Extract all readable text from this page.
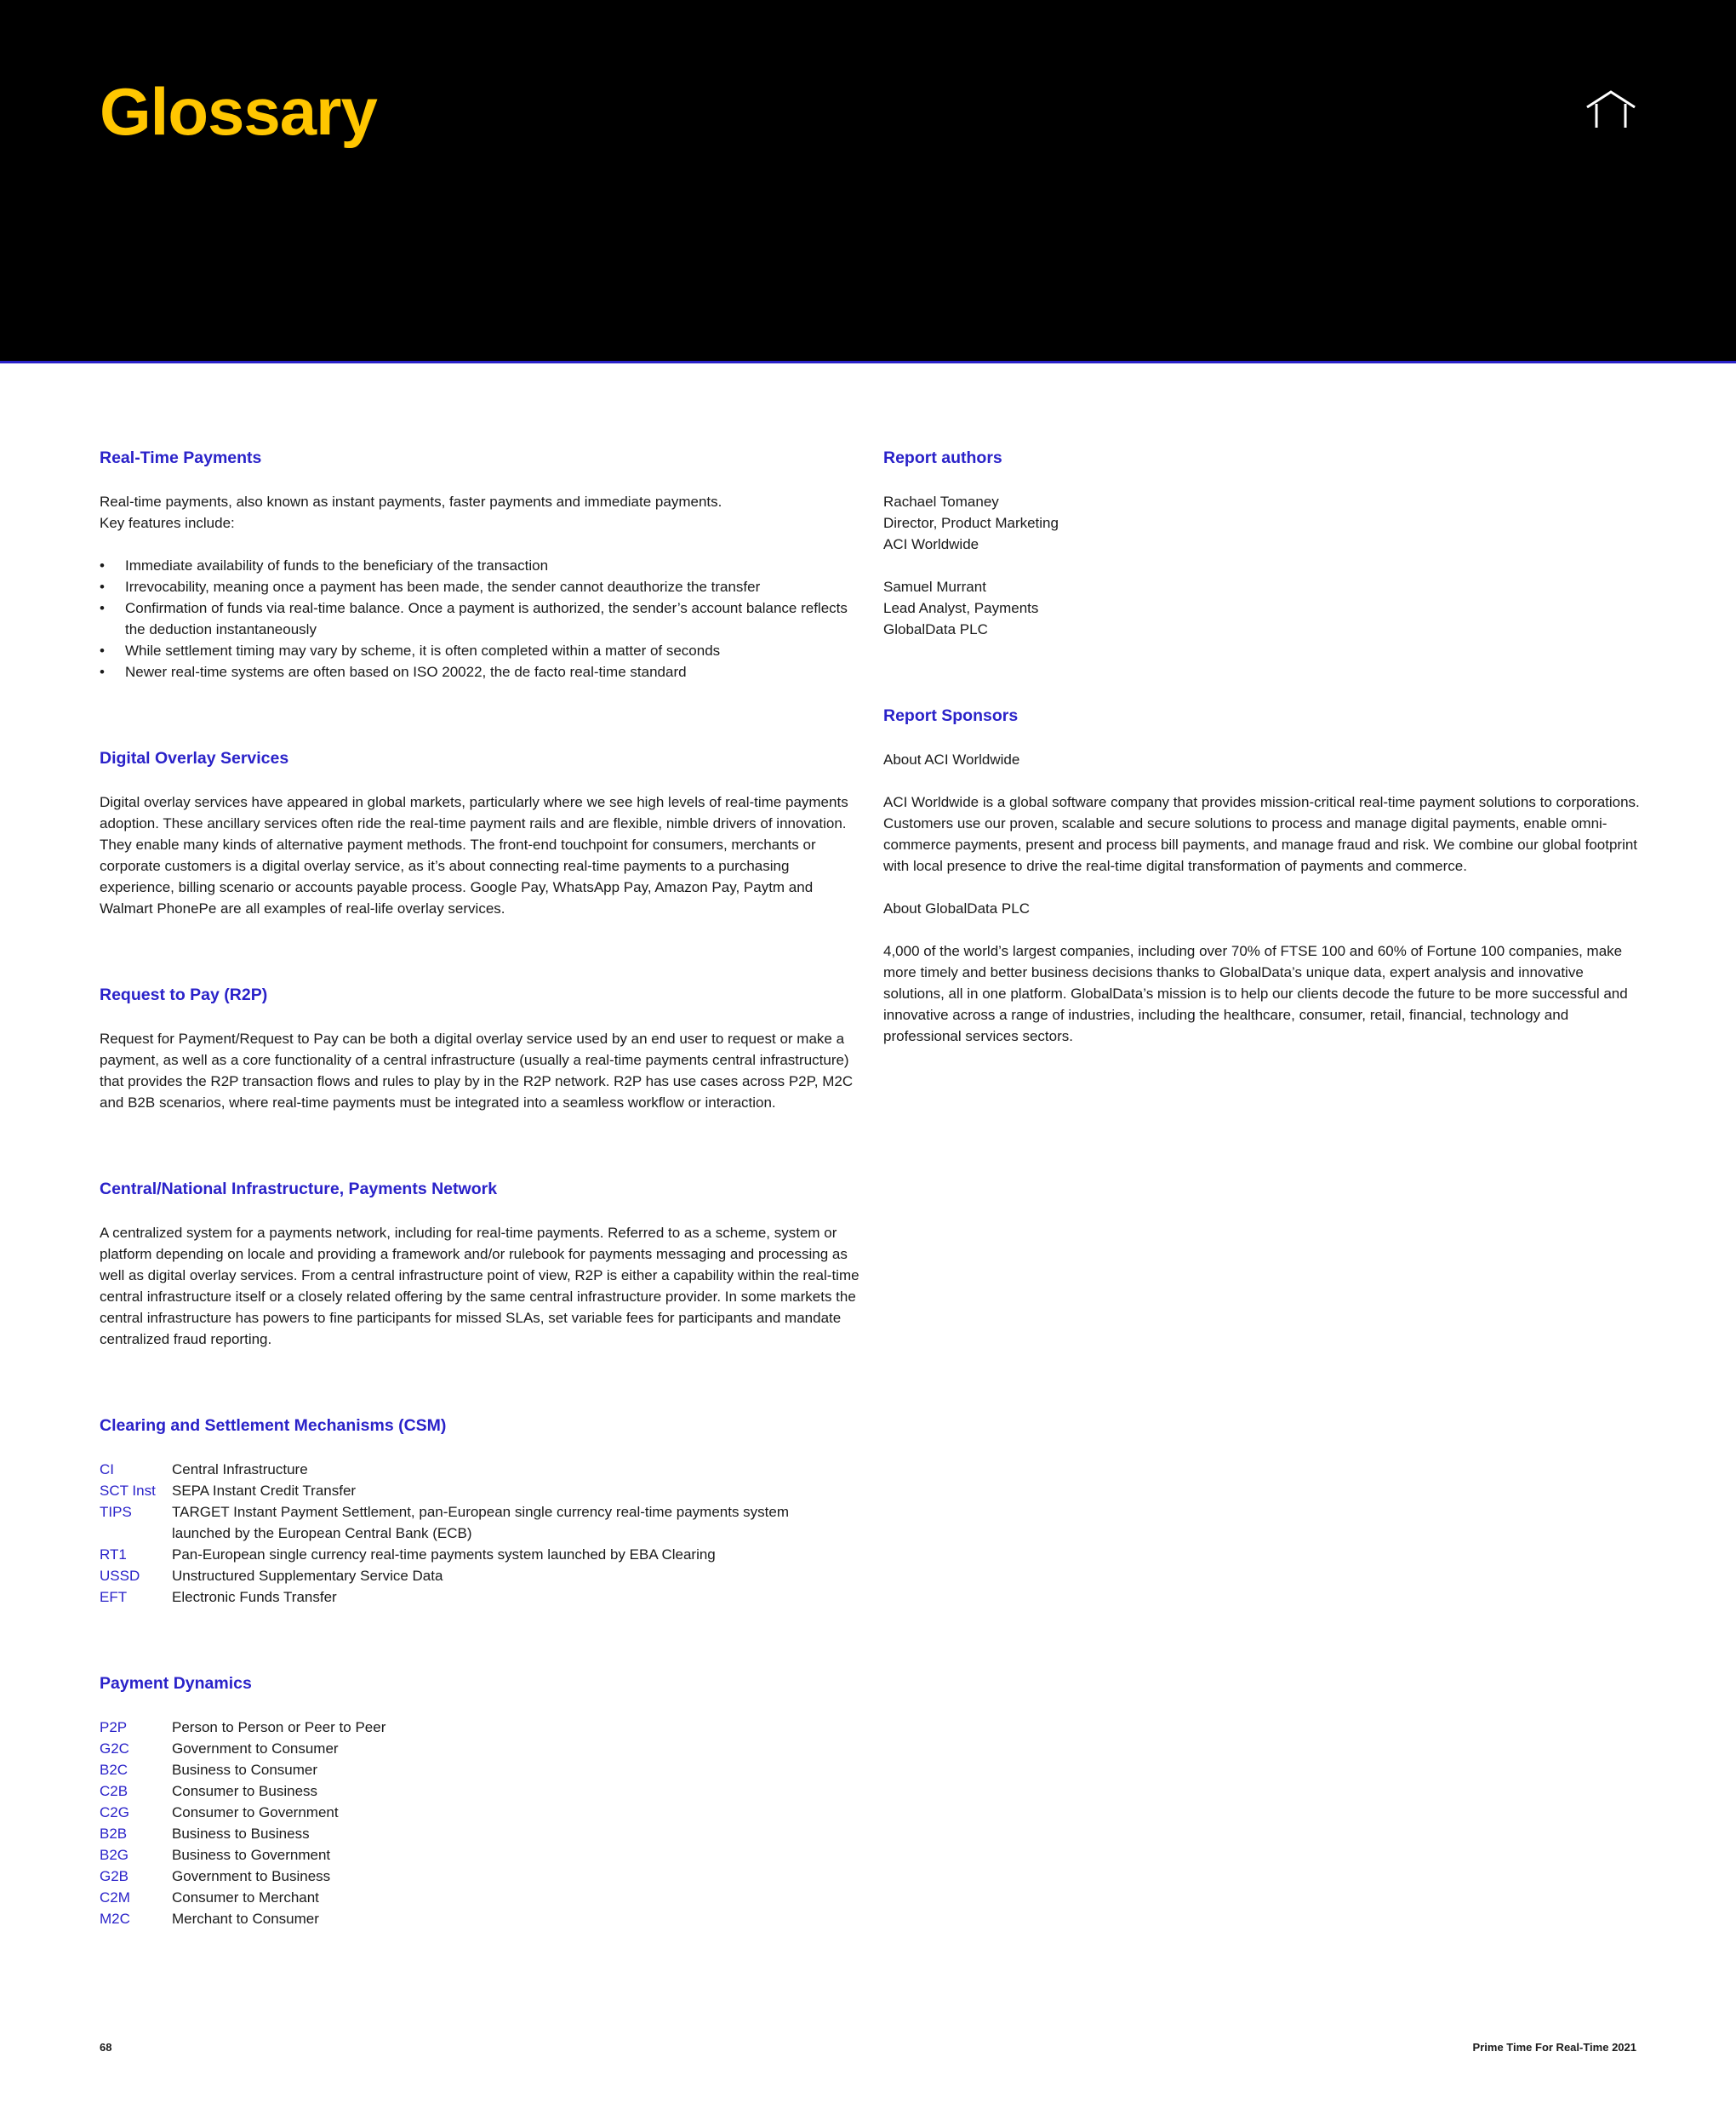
Glossary
Real-Time Payments

Real-time payments, also known as instant payments, faster payments and immediate payments.

Key features include:

• Immediate availability of funds to the beneficiary of the transaction
• Irrevocability, meaning once a payment has been made, the sender cannot deauthorize the transfer
• Confirmation of funds via real-time balance. Once a payment is authorized, the sender’s account balance reflects the deduction instantaneously
• While settlement timing may vary by scheme, it is often completed within a matter of seconds
• Newer real-time systems are often based on ISO 20022, the de facto real-time standard
Digital Overlay Services

Digital overlay services have appeared in global markets, particularly where we see high levels of real-time payments adoption. These ancillary services often ride the real-time payment rails and are flexible, nimble drivers of innovation. They enable many kinds of alternative payment methods. The front-end touchpoint for consumers, merchants or corporate customers is a digital overlay service, as it’s about connecting real-time payments to a purchasing experience, billing scenario or accounts payable process. Google Pay, WhatsApp Pay, Amazon Pay, Paytm and Walmart PhonePe are all examples of real-life overlay services.

Request to Pay (R2P)

Request for Payment/Request to Pay can be both a digital overlay service used by an end user to request or make a payment, as well as a core functionality of a central infrastructure (usually a real-time payments central infrastructure) that provides the R2P transaction flows and rules to play by in the R2P network. R2P has use cases across P2P, M2C and B2B scenarios, where real-time payments must be integrated into a seamless workflow or interaction.

Central/National Infrastructure, Payments Network

A centralized system for a payments network, including for real-time payments. Referred to as a scheme, system or platform depending on locale and providing a framework and/or rulebook for payments messaging and processing as well as digital overlay services. From a central infrastructure point of view, R2P is either a capability within the real-time central infrastructure itself or a closely related offering by the same central infrastructure provider. In some markets the central infrastructure has powers to fine participants for missed SLAs, set variable fees for participants and mandate centralized fraud reporting.

Clearing and Settlement Mechanisms (CSM)
CI	Central Infrastructure
SCT Inst	SEPA Instant Credit Transfer
TIPS	TARGET Instant Payment Settlement, pan-European single currency real-time payments system launched by the European Central Bank (ECB)
RT1	Pan-European single currency real-time payments system launched by EBA Clearing
USSD	Unstructured Supplementary Service Data
EFT	Electronic Funds Transfer
Payment Dynamics
P2P	Person to Person or Peer to Peer
G2C	Government to Consumer
B2C	Business to Consumer
C2B	Consumer to Business
C2G	Consumer to Government
B2B	Business to Business
B2G	Business to Government
G2B	Government to Business
C2M	Consumer to Merchant
M2C	Merchant to Consumer
Report authors

Rachael Tomaney

Director, Product Marketing

ACI Worldwide

Samuel Murrant

Lead Analyst, Payments

GlobalData PLC

Report Sponsors

About ACI Worldwide

ACI Worldwide is a global software company that provides mission-critical real-time payment solutions to corporations. Customers use our proven, scalable and secure solutions to process and manage digital payments, enable omni-commerce payments, present and process bill payments, and manage fraud and risk. We combine our global footprint with local presence to drive the real-time digital transformation of payments and commerce.

About GlobalData PLC

4,000 of the world’s largest companies, including over 70% of FTSE 100 and 60% of Fortune 100 companies, make more timely and better business decisions thanks to GlobalData’s unique data, expert analysis and innovative solutions, all in one platform. GlobalData’s mission is to help our clients decode the future to be more successful and innovative across a range of industries, including the healthcare, consumer, retail, financial, technology and professional services sectors.

68	Prime Time For Real-Time 2021
